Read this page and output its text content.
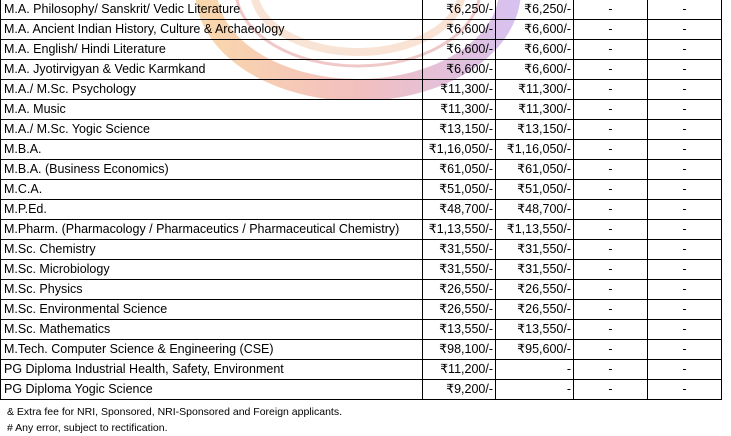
M.A. Philosophy/ Sanskrit/ Vedic Literature	₹6,250/-	₹6,250/-	-	-
M.A. Ancient Indian History, Culture & Archaeology	₹6,600/-	₹6,600/-	-	-
M.A. English/ Hindi Literature	₹6,600/-	₹6,600/-	-	-
M.A. Jyotirvigyan & Vedic Karmkand	₹6,600/-	₹6,600/-	-	-
M.A./ M.Sc. Psychology	₹11,300/-	₹11,300/-	-	-
M.A. Music	₹11,300/-	₹11,300/-	-	-
M.A./ M.Sc. Yogic Science	₹13,150/-	₹13,150/-	-	-
M.B.A.	₹1,16,050/-	₹1,16,050/-	-	-
M.B.A. (Business Economics)	₹61,050/-	₹61,050/-	-	-
M.C.A.	₹51,050/-	₹51,050/-	-	-
M.P.Ed.	₹48,700/-	₹48,700/-	-	-
M.Pharm. (Pharmacology / Pharmaceutics / Pharmaceutical Chemistry)	₹1,13,550/-	₹1,13,550/-	-	-
M.Sc. Chemistry	₹31,550/-	₹31,550/-	-	-
M.Sc. Microbiology	₹31,550/-	₹31,550/-	-	-
M.Sc. Physics	₹26,550/-	₹26,550/-	-	-
M.Sc. Environmental Science	₹26,550/-	₹26,550/-	-	-
M.Sc. Mathematics	₹13,550/-	₹13,550/-	-	-
M.Tech. Computer Science & Engineering (CSE)	₹98,100/-	₹95,600/-	-	-
PG Diploma Industrial Health, Safety, Environment	₹11,200/-	-	-	-
PG Diploma Yogic Science	₹9,200/-	-	-	-
& Extra fee for NRI, Sponsored, NRI-Sponsored and Foreign applicants.
# Any error, subject to rectification.
